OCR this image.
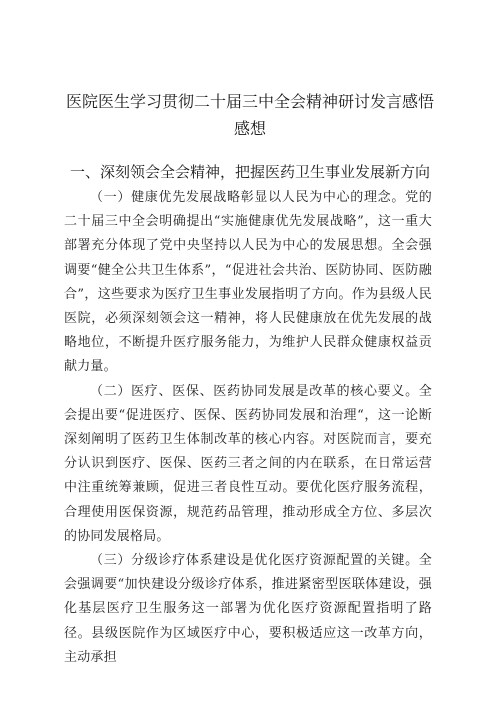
医院医生学习贯彻二十届三中全会精神研讨发言感悟感想
一、深刻领会全会精神，把握医药卫生事业发展新方向

（一）健康优先发展战略彰显以人民为中心的理念。党的二十届三中全会明确提出“实施健康优先发展战略”，这一重大部署充分体现了党中央坚持以人民为中心的发展思想。全会强调要“健全公共卫生体系”，“促进社会共治、医防协同、医防融合”，这些要求为医疗卫生事业发展指明了方向。作为县级人民医院，必须深刻领会这一精神，将人民健康放在优先发展的战略地位，不断提升医疗服务能力，为维护人民群众健康权益贡献力量。

（二）医疗、医保、医药协同发展是改革的核心要义。全会提出要“促进医疗、医保、医药协同发展和治理“，这一论断深刻阐明了医药卫生体制改革的核心内容。对医院而言，要充分认识到医疗、医保、医药三者之间的内在联系，在日常运营中注重统筹兼顾，促进三者良性互动。要优化医疗服务流程，合理使用医保资源，规范药品管理，推动形成全方位、多层次的协同发展格局。

（三）分级诊疗体系建设是优化医疗资源配置的关键。全会强调要“加快建设分级诊疗体系，推进紧密型医联体建设，强化基层医疗卫生服务这一部署为优化医疗资源配置指明了路径。县级医院作为区域医疗中心，要积极适应这一改革方向，主动承担
